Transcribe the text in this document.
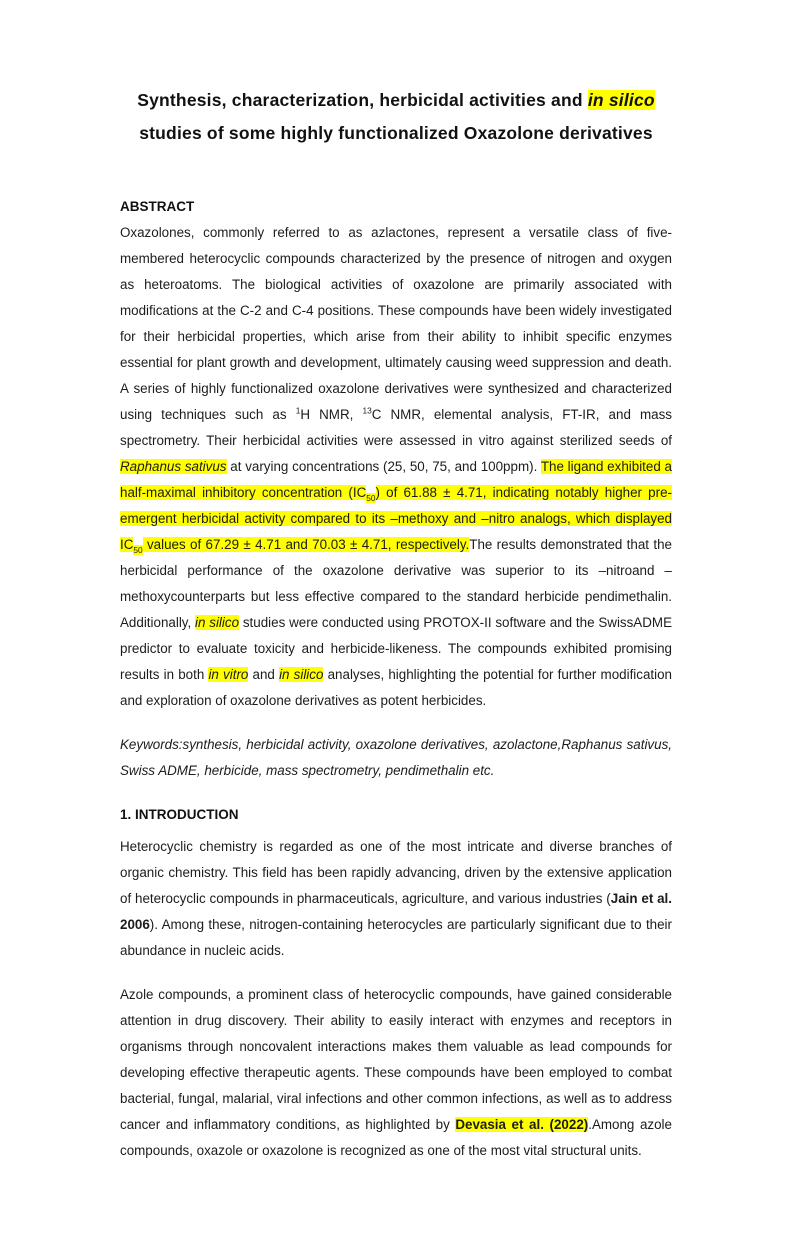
Synthesis, characterization, herbicidal activities and in silico
studies of some highly functionalized Oxazolone derivatives
ABSTRACT

Oxazolones, commonly referred to as azlactones, represent a versatile class of five-membered heterocyclic compounds characterized by the presence of nitrogen and oxygen as heteroatoms. The biological activities of oxazolone are primarily associated with modifications at the C-2 and C-4 positions. These compounds have been widely investigated for their herbicidal properties, which arise from their ability to inhibit specific enzymes essential for plant growth and development, ultimately causing weed suppression and death. A series of highly functionalized oxazolone derivatives were synthesized and characterized using techniques such as $^1$H NMR, $^{13}$C NMR, elemental analysis, FT-IR, and mass spectrometry. Their herbicidal activities were assessed in vitro against sterilized seeds of Raphanus sativus at varying concentrations (25, 50, 75, and 100ppm). The ligand exhibited a half-maximal inhibitory concentration $(IC_{50})$ of 61.88 ± 4.71, indicating notably higher pre-emergent herbicidal activity compared to its –methoxy and –nitro analogs, which displayed $IC_{50}$ values of 67.29 ± 4.71 and 70.03 ± 4.71, respectively.The results demonstrated that the herbicidal performance of the oxazolone derivative was superior to its –nitroand –methoxycounterparts but less effective compared to the standard herbicide pendimethalin. Additionally, in silico studies were conducted using PROTOX-II software and the SwissADME predictor to evaluate toxicity and herbicide-likeness. The compounds exhibited promising results in both in vitro and in silico analyses, highlighting the potential for further modification and exploration of oxazolone derivatives as potent herbicides.

Keywords:synthesis, herbicidal activity, oxazolone derivatives, azolactone,Raphanus sativus, Swiss ADME, herbicide, mass spectrometry, pendimethalin etc.

1. INTRODUCTION

Heterocyclic chemistry is regarded as one of the most intricate and diverse branches of organic chemistry. This field has been rapidly advancing, driven by the extensive application of heterocyclic compounds in pharmaceuticals, agriculture, and various industries (Jain et al. 2006). Among these, nitrogen-containing heterocycles are particularly significant due to their abundance in nucleic acids.

Azole compounds, a prominent class of heterocyclic compounds, have gained considerable attention in drug discovery. Their ability to easily interact with enzymes and receptors in organisms through noncovalent interactions makes them valuable as lead compounds for developing effective therapeutic agents. These compounds have been employed to combat bacterial, fungal, malarial, viral infections and other common infections, as well as to address cancer and inflammatory conditions, as highlighted by Devasia et al. (2022).Among azole compounds, oxazole or oxazolone is recognized as one of the most vital structural units.
